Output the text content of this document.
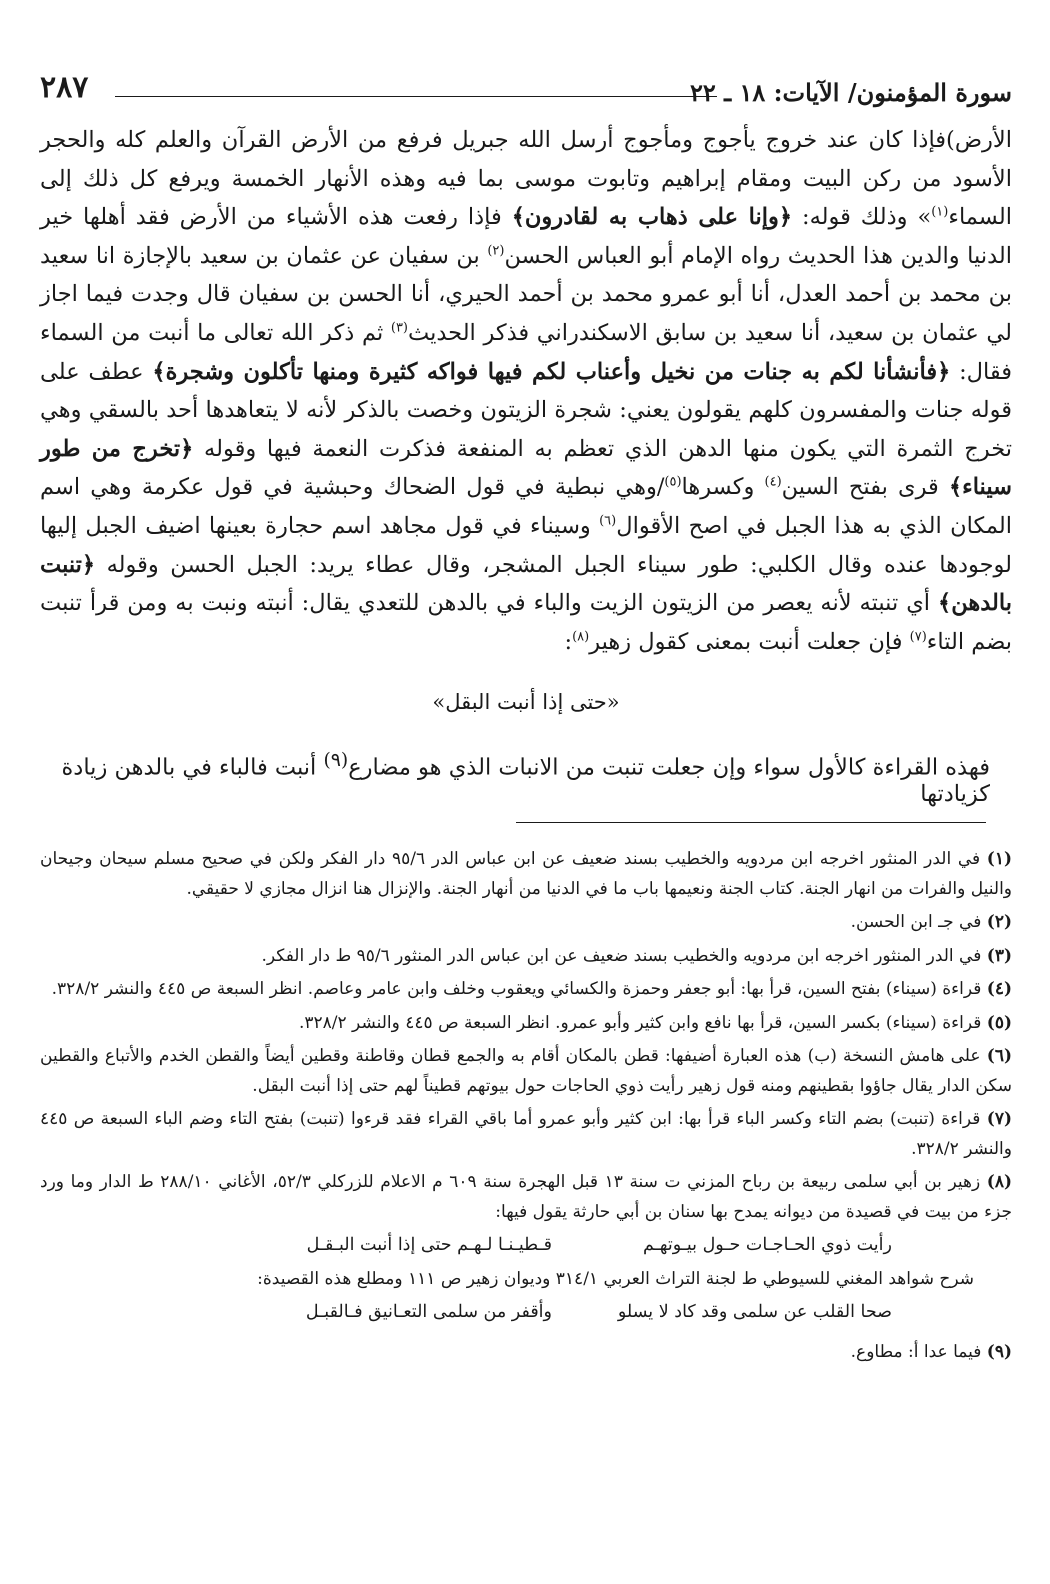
سورة المؤمنون/ الآيات: ١٨ ـ ٢٢
٢٨٧

الأرض)فإذا كان عند خروج يأجوج ومأجوج أرسل الله جبريل فرفع من الأرض القرآن والعلم كله والحجر الأسود من ركن البيت ومقام إبراهيم وتابوت موسى بما فيه وهذه الأنهار الخمسة ويرفع كل ذلك إلى السماء$^{(١)}$» وذلك قوله: ﴿وإنا على ذهاب به لقادرون﴾ فإذا رفعت هذه الأشياء من الأرض فقد أهلها خير الدنيا والدين هذا الحديث رواه الإمام أبو العباس الحسن$^{(٢)}$ بن سفيان عن عثمان بن سعيد بالإجازة انا سعيد بن محمد بن أحمد العدل، أنا أبو عمرو محمد بن أحمد الحيري، أنا الحسن بن سفيان قال وجدت فيما اجاز لي عثمان بن سعيد، أنا سعيد بن سابق الاسكندراني فذكر الحديث$^{(٣)}$ ثم ذكر الله تعالى ما أنبت من السماء فقال: ﴿فأنشأنا لكم به جنات من نخيل وأعناب لكم فيها فواكه كثيرة ومنها تأكلون وشجرة﴾ عطف على قوله جنات والمفسرون كلهم يقولون يعني: شجرة الزيتون وخصت بالذكر لأنه لا يتعاهدها أحد بالسقي وهي تخرج الثمرة التي يكون منها الدهن الذي تعظم به المنفعة فذكرت النعمة فيها وقوله ﴿تخرج من طور سيناء﴾ قرى بفتح السين$^{(٤)}$ وكسرها$^{(٥)}$/وهي نبطية في قول الضحاك وحبشية في قول عكرمة وهي اسم المكان الذي به هذا الجبل في اصح الأقوال$^{(٦)}$ وسيناء في قول مجاهد اسم حجارة بعينها اضيف الجبل إليها لوجودها عنده وقال الكلبي: طور سيناء الجبل المشجر، وقال عطاء يريد: الجبل الحسن وقوله ﴿تنبت بالدهن﴾ أي تنبته لأنه يعصر من الزيتون الزيت والباء في بالدهن للتعدي يقال: أنبته ونبت به ومن قرأ تنبت بضم التاء$^{(٧)}$ فإن جعلت أنبت بمعنى كقول زهير$^{(٨)}$:

«حتى إذا أنبت البقل»
فهذه القراءة كالأول سواء وإن جعلت تنبت من الانبات الذي هو مضارع$^{(٩)}$ أنبت فالباء في بالدهن زيادة كزيادتها

(١) في الدر المنثور اخرجه ابن مردويه والخطيب بسند ضعيف عن ابن عباس الدر ٩٥/٦ دار الفكر ولكن في صحيح مسلم سيحان وجيحان والنيل والفرات من انهار الجنة. كتاب الجنة ونعيمها باب ما في الدنيا من أنهار الجنة. والإنزال هنا انزال مجازي لا حقيقي.

(٢) في جـ ابن الحسن.

(٣) في الدر المنثور اخرجه ابن مردويه والخطيب بسند ضعيف عن ابن عباس الدر المنثور ٩٥/٦ ط دار الفكر.

(٤) قراءة (سيناء) بفتح السين، قرأ بها: أبو جعفر وحمزة والكسائي ويعقوب وخلف وابن عامر وعاصم. انظر السبعة ص ٤٤٥ والنشر ٣٢٨/٢.

(٥) قراءة (سيناء) بكسر السين، قرأ بها نافع وابن كثير وأبو عمرو. انظر السبعة ص ٤٤٥ والنشر ٣٢٨/٢.

(٦) على هامش النسخة (ب) هذه العبارة أضيفها: قطن بالمكان أقام به والجمع قطان وقاطنة وقطين أيضاً والقطن الخدم والأتباع والقطين سكن الدار يقال جاؤوا بقطينهم ومنه قول زهير رأيت ذوي الحاجات حول بيوتهم قطيناً لهم حتى إذا أنبت البقل.

(٧) قراءة (تنبت) بضم التاء وكسر الباء قرأ بها: ابن كثير وأبو عمرو أما باقي القراء فقد قرءوا (تنبت) بفتح التاء وضم الباء السبعة ص ٤٤٥ والنشر ٣٢٨/٢.

(٨) زهير بن أبي سلمى ربيعة بن رباح المزني ت سنة ١٣ قبل الهجرة سنة ٦٠٩ م الاعلام للزركلي ٥٢/٣، الأغاني ٢٨٨/١٠ ط الدار وما ورد جزء من بيت في قصيدة من ديوانه يمدح بها سنان بن أبي حارثة يقول فيها:

رأيت ذوي الحـاجـات حـول بيـوتهـم
قـطيـنـا لـهـم حتى إذا أنبت البـقـل

شرح شواهد المغني للسيوطي ط لجنة التراث العربي ٣١٤/١ وديوان زهير ص ١١١ ومطلع هذه القصيدة:

صحا القلب عن سلمى وقد كاد لا يسلو
وأقفر من سلمى التعـانيق فـالقبـل

(٩) فيما عدا أ: مطاوع.
